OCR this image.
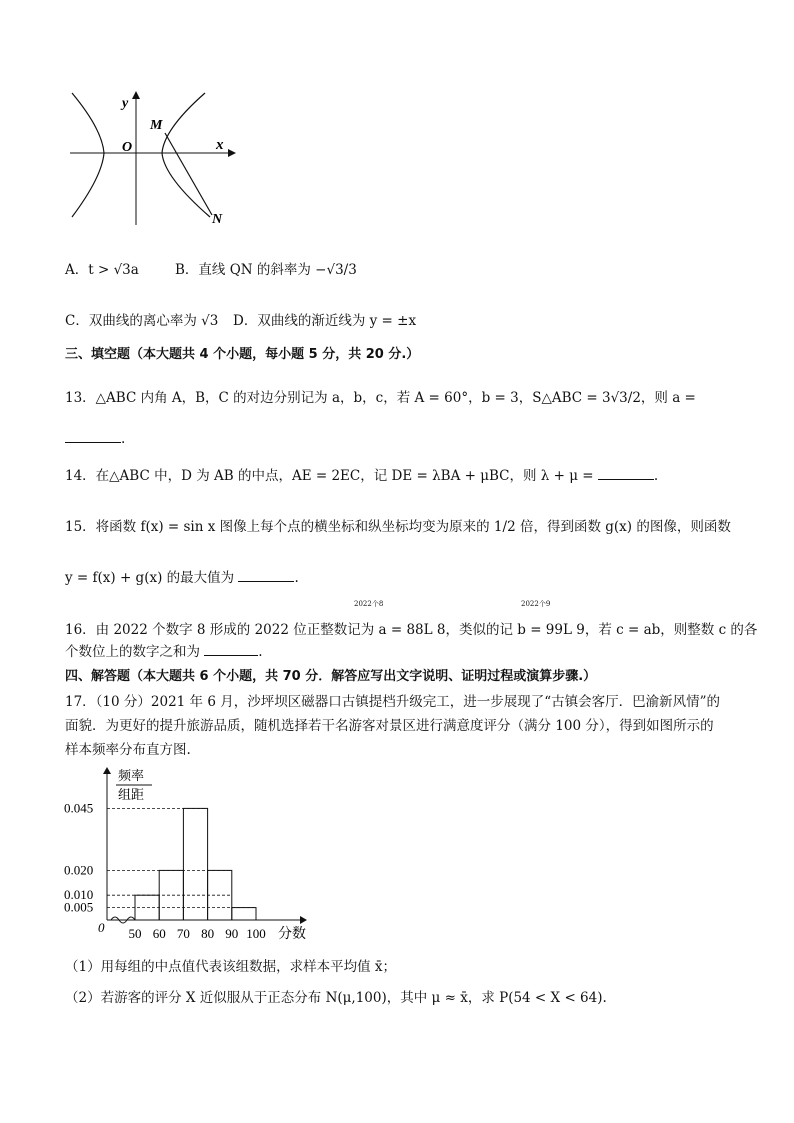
y
x
O
M
N
A．t > √3a	B．直线 QN 的斜率为 −√3/3
C．双曲线的离心率为 √3 D．双曲线的渐近线为 y = ±x
三、填空题（本大题共 4 个小题，每小题 5 分，共 20 分.）
13．△ABC 内角 A，B，C 的对边分别记为 a，b，c，若 A = 60°，b = 3，S△ABC = 3√3/2，则 a =
.
14．在△ABC 中，D 为 AB 的中点，AE = 2EC，记 DE = λBA + μBC，则 λ + μ =	.
15．将函数 f(x) = sin x 图像上每个点的横坐标和纵坐标均变为原来的 1/2 倍，得到函数 g(x) 的图像，则函数
y = f(x) + g(x) 的最大值为	.
2022个8	2022个9
16．由 2022 个数字 8 形成的 2022 位正整数记为 a = 88L 8，类似的记 b = 99L 9，若 c = ab，则整数 c 的各
个数位上的数字之和为	.
四、解答题（本大题共 6 个小题，共 70 分．解答应写出文字说明、证明过程或演算步骤.）
17．（10 分）2021 年 6 月，沙坪坝区磁器口古镇提档升级完工，进一步展现了“古镇会客厅．巴渝新风情”的
面貌．为更好的提升旅游品质，随机选择若干名游客对景区进行满意度评分（满分 100 分），得到如图所示的
样本频率分布直方图.
频率
组距
0.005
0.010
0.020
0.045
50 60 70 80 90 100 分数
0
（1）用每组的中点值代表该组数据，求样本平均值 x̄；
（2）若游客的评分 X 近似服从于正态分布 N(μ,100)，其中 μ ≈ x̄，求 P(54 < X < 64).
